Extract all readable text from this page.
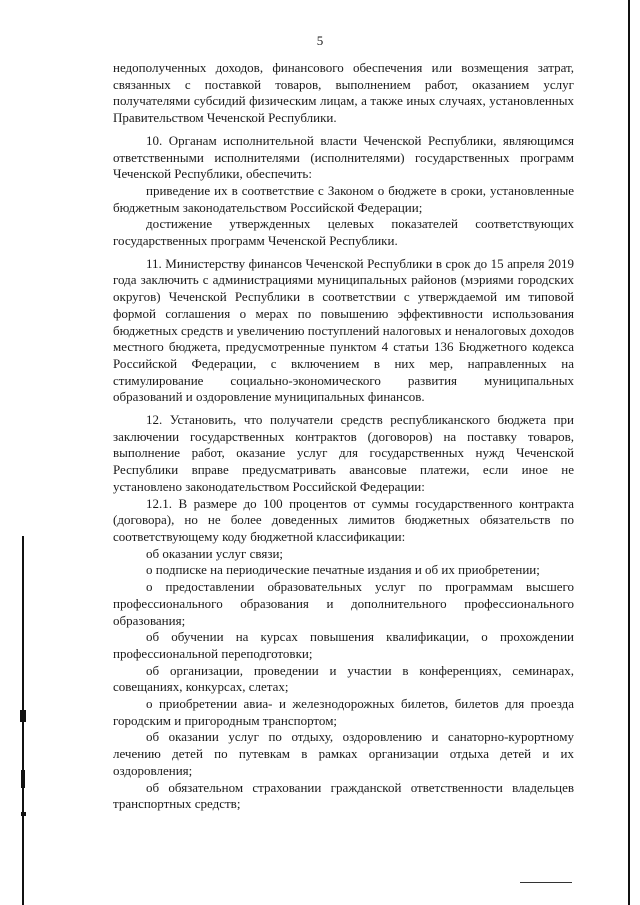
5

недополученных доходов, финансового обеспечения или возмещения затрат, связанных с поставкой товаров, выполнением работ, оказанием услуг получателями субсидий физическим лицам, а также иных случаях, установленных Правительством Чеченской Республики.

10. Органам исполнительной власти Чеченской Республики, являющимся ответственными исполнителями (исполнителями) государственных программ Чеченской Республики, обеспечить:

приведение их в соответствие с Законом о бюджете в сроки, установленные бюджетным законодательством Российской Федерации;

достижение утвержденных целевых показателей соответствующих государственных программ Чеченской Республики.

11. Министерству финансов Чеченской Республики в срок до 15 апреля 2019 года заключить с администрациями муниципальных районов (мэриями городских округов) Чеченской Республики в соответствии с утверждаемой им типовой формой соглашения о мерах по повышению эффективности использования бюджетных средств и увеличению поступлений налоговых и неналоговых доходов местного бюджета, предусмотренные пунктом 4 статьи 136 Бюджетного кодекса Российской Федерации, с включением в них мер, направленных на стимулирование социально-экономического развития муниципальных образований и оздоровление муниципальных финансов.

12. Установить, что получатели средств республиканского бюджета при заключении государственных контрактов (договоров) на поставку товаров, выполнение работ, оказание услуг для государственных нужд Чеченской Республики вправе предусматривать авансовые платежи, если иное не установлено законодательством Российской Федерации:

12.1. В размере до 100 процентов от суммы государственного контракта (договора), но не более доведенных лимитов бюджетных обязательств по соответствующему коду бюджетной классификации:

об оказании услуг связи;

о подписке на периодические печатные издания и об их приобретении;

о предоставлении образовательных услуг по программам высшего профессионального образования и дополнительного профессионального образования;

об обучении на курсах повышения квалификации, о прохождении профессиональной переподготовки;

об организации, проведении и участии в конференциях, семинарах, совещаниях, конкурсах, слетах;

о приобретении авиа- и железнодорожных билетов, билетов для проезда городским и пригородным транспортом;

об оказании услуг по отдыху, оздоровлению и санаторно-курортному лечению детей по путевкам в рамках организации отдыха детей и их оздоровления;

об обязательном страховании гражданской ответственности владельцев транспортных средств;
